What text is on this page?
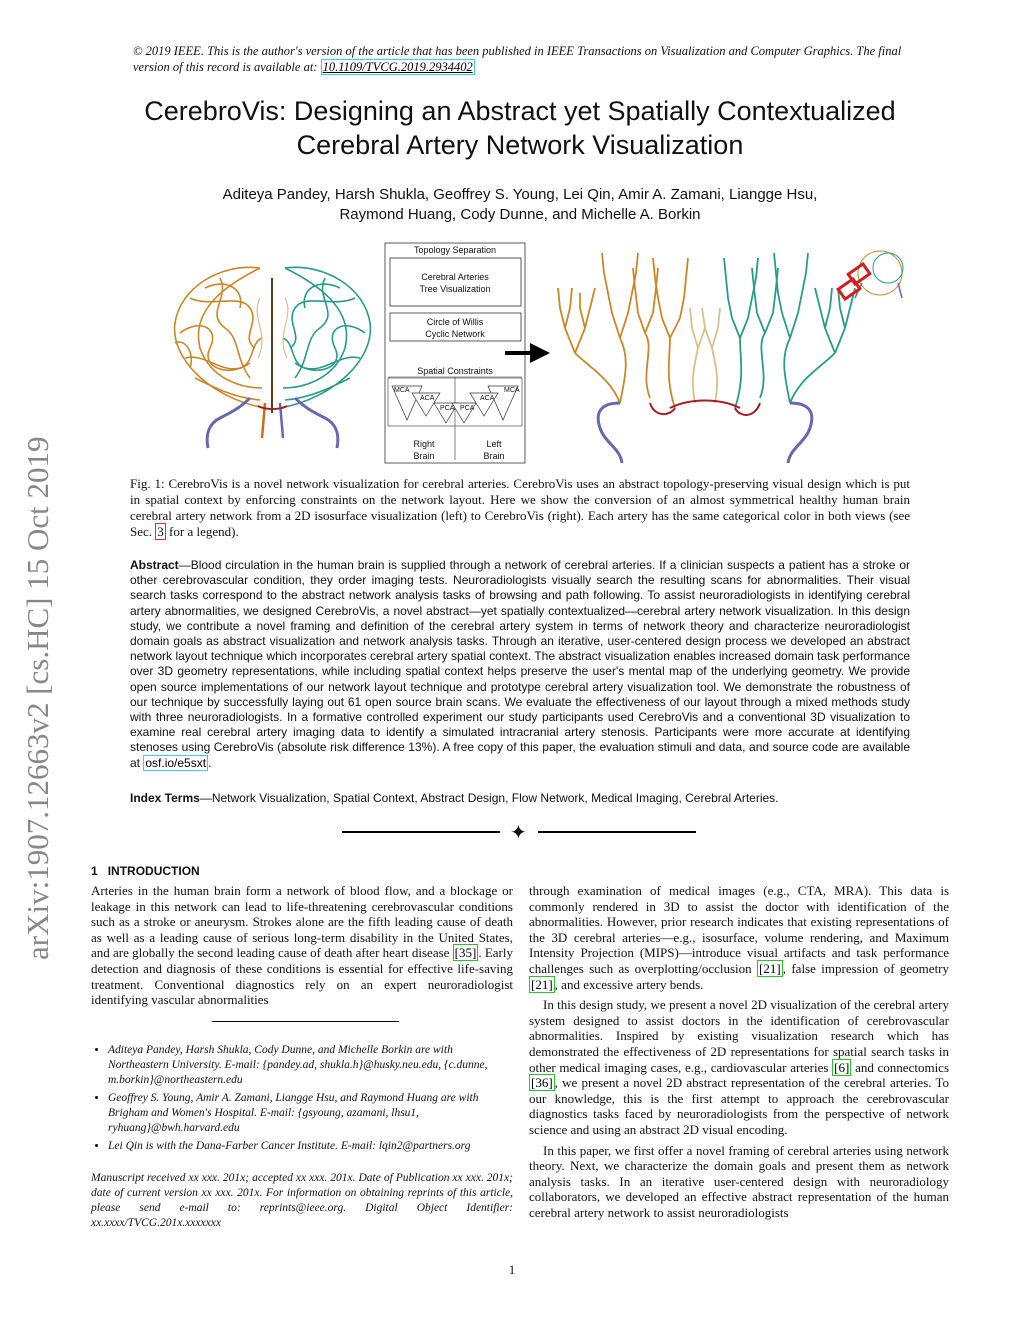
© 2019 IEEE. This is the author's version of the article that has been published in IEEE Transactions on Visualization and Computer Graphics. The final version of this record is available at: 10.1109/TVCG.2019.2934402
CerebroVis: Designing an Abstract yet Spatially Contextualized Cerebral Artery Network Visualization
Aditeya Pandey, Harsh Shukla, Geoffrey S. Young, Lei Qin, Amir A. Zamani, Liangge Hsu,
Raymond Huang, Cody Dunne, and Michelle A. Borkin
arXiv:1907.12663v2 [cs.HC] 15 Oct 2019
Topology Separation
Cerebral Arteries
Tree Visualization
Circle of Willis
Cyclic Network
Spatial Constraints
MCA
ACA
PCA
MCA
ACA
PCA
Right
Brain
Left
Brain
Fig. 1: CerebroVis is a novel network visualization for cerebral arteries. CerebroVis uses an abstract topology-preserving visual design which is put in spatial context by enforcing constraints on the network layout. Here we show the conversion of an almost symmetrical healthy human brain cerebral artery network from a 2D isosurface visualization (left) to CerebroVis (right). Each artery has the same categorical color in both views (see Sec. 3 for a legend).
Abstract—Blood circulation in the human brain is supplied through a network of cerebral arteries. If a clinician suspects a patient has a stroke or other cerebrovascular condition, they order imaging tests. Neuroradiologists visually search the resulting scans for abnormalities. Their visual search tasks correspond to the abstract network analysis tasks of browsing and path following. To assist neuroradiologists in identifying cerebral artery abnormalities, we designed CerebroVis, a novel abstract—yet spatially contextualized—cerebral artery network visualization. In this design study, we contribute a novel framing and definition of the cerebral artery system in terms of network theory and characterize neuroradiologist domain goals as abstract visualization and network analysis tasks. Through an iterative, user-centered design process we developed an abstract network layout technique which incorporates cerebral artery spatial context. The abstract visualization enables increased domain task performance over 3D geometry representations, while including spatial context helps preserve the user's mental map of the underlying geometry. We provide open source implementations of our network layout technique and prototype cerebral artery visualization tool. We demonstrate the robustness of our technique by successfully laying out 61 open source brain scans. We evaluate the effectiveness of our layout through a mixed methods study with three neuroradiologists. In a formative controlled experiment our study participants used CerebroVis and a conventional 3D visualization to examine real cerebral artery imaging data to identify a simulated intracranial artery stenosis. Participants were more accurate at identifying stenoses using CerebroVis (absolute risk difference 13%). A free copy of this paper, the evaluation stimuli and data, and source code are available at osf.io/e5sxt .
Index Terms—Network Visualization, Spatial Context, Abstract Design, Flow Network, Medical Imaging, Cerebral Arteries.
✦
1 INTRODUCTION

Arteries in the human brain form a network of blood flow, and a blockage or leakage in this network can lead to life-threatening cerebrovascular conditions such as a stroke or aneurysm. Strokes alone are the fifth leading cause of death as well as a leading cause of serious long-term disability in the United States, and are globally the second leading cause of death after heart disease [35] . Early detection and diagnosis of these conditions is essential for effective life-saving treatment. Conventional diagnostics rely on an expert neuroradiologist identifying vascular abnormalities

• Aditeya Pandey, Harsh Shukla, Cody Dunne, and Michelle Borkin are with Northeastern University. E-mail: {pandey.ad, shukla.h}@husky.neu.edu, {c.dunne, m.borkin}@northeastern.edu
• Geoffrey S. Young, Amir A. Zamani, Liangge Hsu, and Raymond Huang are with Brigham and Women's Hospital. E-mail: {gsyoung, azamani, lhsu1, ryhuang}@bwh.harvard.edu
• Lei Qin is with the Dana-Farber Cancer Institute. E-mail: lqin2@partners.org
Manuscript received xx xxx. 201x; accepted xx xxx. 201x. Date of Publication xx xxx. 201x; date of current version xx xxx. 201x. For information on obtaining reprints of this article, please send e-mail to: reprints@ieee.org. Digital Object Identifier: xx.xxxx/TVCG.201x.xxxxxxx

through examination of medical images (e.g., CTA, MRA). This data is commonly rendered in 3D to assist the doctor with identification of the abnormalities. However, prior research indicates that existing representations of the 3D cerebral arteries—e.g., isosurface, volume rendering, and Maximum Intensity Projection (MIPS)—introduce visual artifacts and task performance challenges such as overplotting/occlusion [21] , false impression of geometry [21] , and excessive artery bends.

In this design study, we present a novel 2D visualization of the cerebral artery system designed to assist doctors in the identification of cerebrovascular abnormalities. Inspired by existing visualization research which has demonstrated the effectiveness of 2D representations for spatial search tasks in other medical imaging cases, e.g., cardiovascular arteries [6] and connectomics [36] , we present a novel 2D abstract representation of the cerebral arteries. To our knowledge, this is the first attempt to approach the cerebrovascular diagnostics tasks faced by neuroradiologists from the perspective of network science and using an abstract 2D visual encoding.

In this paper, we first offer a novel framing of cerebral arteries using network theory. Next, we characterize the domain goals and present them as network analysis tasks. In an iterative user-centered design with neuroradiology collaborators, we developed an effective abstract representation of the human cerebral artery network to assist neuroradiologists

1
